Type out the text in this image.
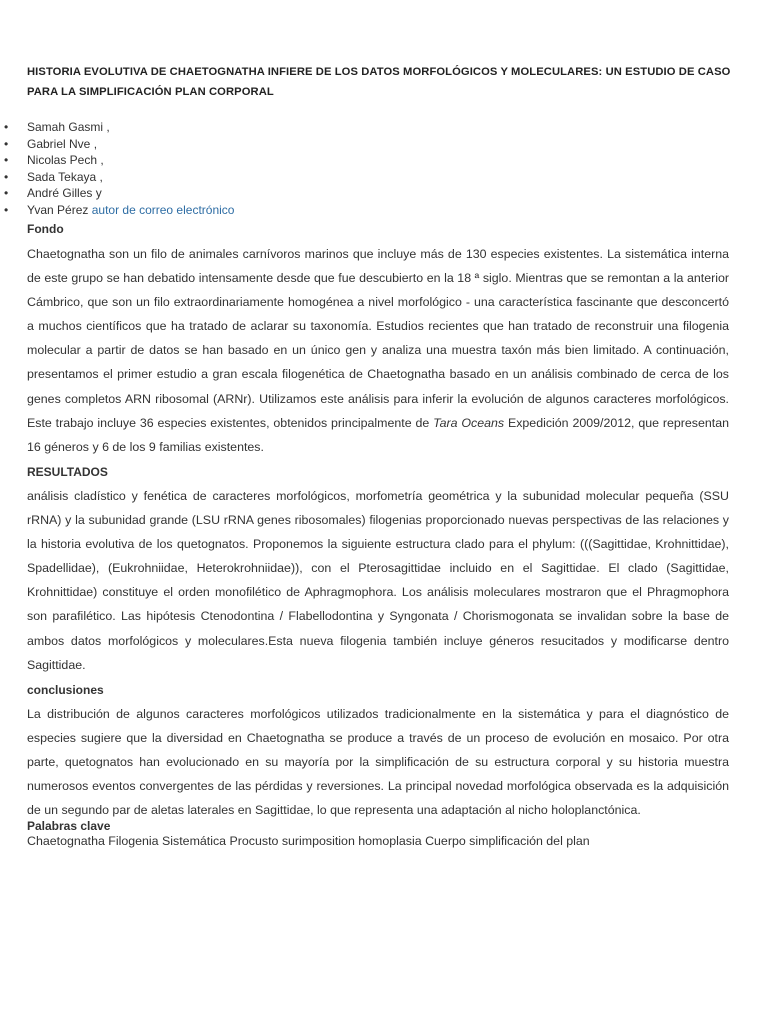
HISTORIA EVOLUTIVA DE CHAETOGNATHA INFIERE DE LOS DATOS MORFOLÓGICOS Y MOLECULARES: UN ESTUDIO DE CASO PARA LA SIMPLIFICACIÓN PLAN CORPORAL
• Samah Gasmi ,
• Gabriel Nve ,
• Nicolas Pech ,
• Sada Tekaya ,
• André Gilles y
• Yvan Pérez autor de correo electrónico
Fondo

Chaetognatha son un filo de animales carnívoros marinos que incluye más de 130 especies existentes. La sistemática interna de este grupo se han debatido intensamente desde que fue descubierto en la 18 ª siglo. Mientras que se remontan a la anterior Cámbrico, que son un filo extraordinariamente homogénea a nivel morfológico - una característica fascinante que desconcertó a muchos científicos que ha tratado de aclarar su taxonomía. Estudios recientes que han tratado de reconstruir una filogenia molecular a partir de datos se han basado en un único gen y analiza una muestra taxón más bien limitado. A continuación, presentamos el primer estudio a gran escala filogenética de Chaetognatha basado en un análisis combinado de cerca de los genes completos ARN ribosomal (ARNr). Utilizamos este análisis para inferir la evolución de algunos caracteres morfológicos. Este trabajo incluye 36 especies existentes, obtenidos principalmente de Tara Oceans Expedición 2009/2012, que representan 16 géneros y 6 de los 9 familias existentes.

RESULTADOS

análisis cladístico y fenética de caracteres morfológicos, morfometría geométrica y la subunidad molecular pequeña (SSU rRNA) y la subunidad grande (LSU rRNA genes ribosomales) filogenias proporcionado nuevas perspectivas de las relaciones y la historia evolutiva de los quetognatos. Proponemos la siguiente estructura clado para el phylum: (((Sagittidae, Krohnittidae), Spadellidae), (Eukrohniidae, Heterokrohniidae)), con el Pterosagittidae incluido en el Sagittidae. El clado (Sagittidae, Krohnittidae) constituye el orden monofilético de Aphragmophora. Los análisis moleculares mostraron que el Phragmophora son parafilético. Las hipótesis Ctenodontina / Flabellodontina y Syngonata / Chorismogonata se invalidan sobre la base de ambos datos morfológicos y moleculares.Esta nueva filogenia también incluye géneros resucitados y modificarse dentro Sagittidae.

conclusiones

La distribución de algunos caracteres morfológicos utilizados tradicionalmente en la sistemática y para el diagnóstico de especies sugiere que la diversidad en Chaetognatha se produce a través de un proceso de evolución en mosaico. Por otra parte, quetognatos han evolucionado en su mayoría por la simplificación de su estructura corporal y su historia muestra numerosos eventos convergentes de las pérdidas y reversiones. La principal novedad morfológica observada es la adquisición de un segundo par de aletas laterales en Sagittidae, lo que representa una adaptación al nicho holoplanctónica.

Palabras clave
Chaetognatha Filogenia Sistemática Procusto surimposition homoplasia Cuerpo simplificación del plan
